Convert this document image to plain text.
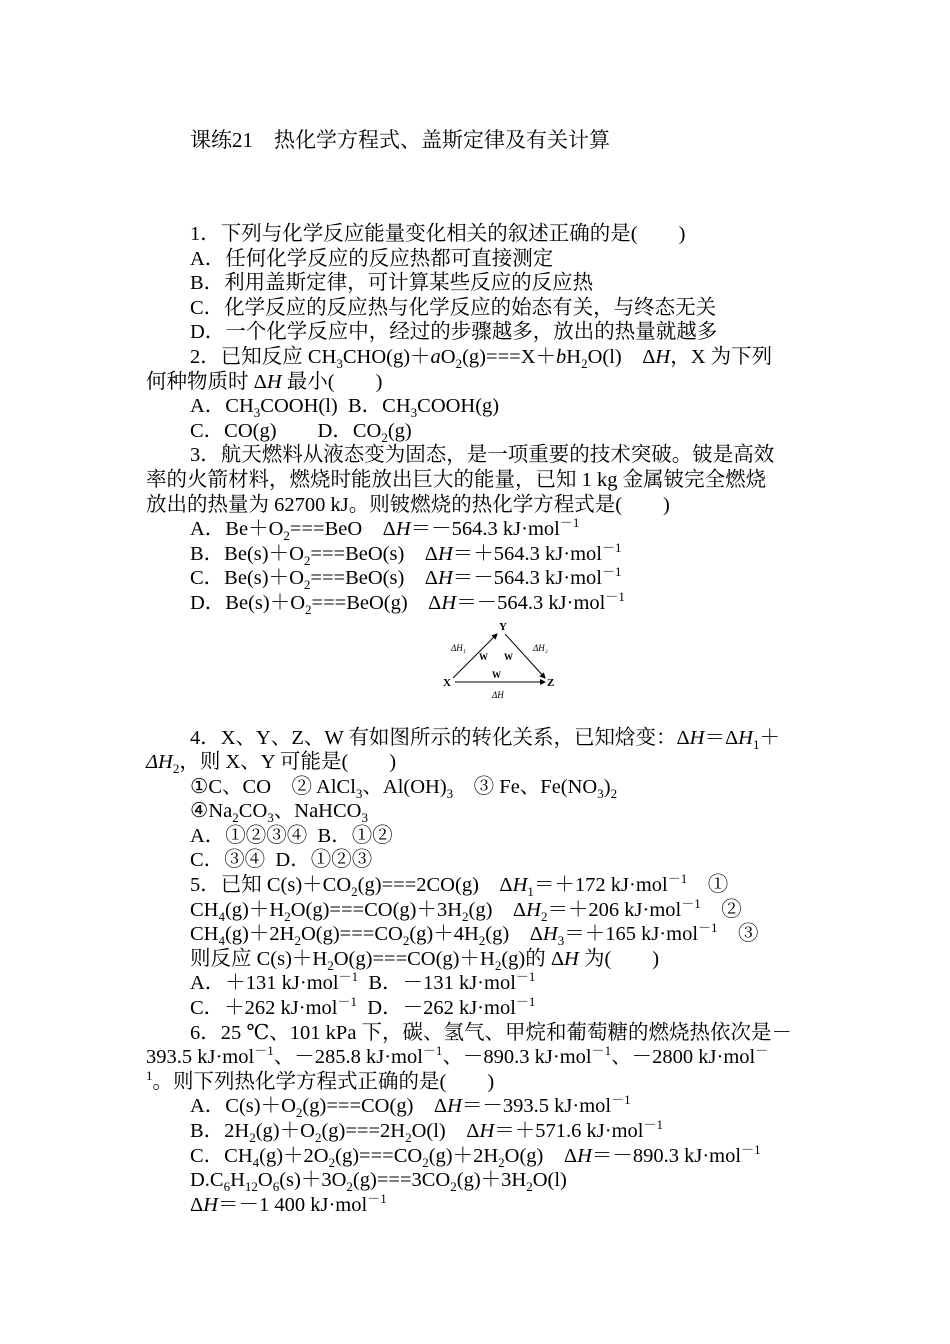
课练21　热化学方程式、盖斯定律及有关计算
1．下列与化学反应能量变化相关的叙述正确的是(　　)
A．任何化学反应的反应热都可直接测定
B．利用盖斯定律，可计算某些反应的反应热
C．化学反应的反应热与化学反应的始态有关，与终态无关
D．一个化学反应中，经过的步骤越多，放出的热量就越多
2．已知反应 $CH_3CHO(g)+aO_2(g)===X+bH_2O(l)$　ΔH，X 为下列
何种物质时 ΔH 最小(　　)
A．$CH_3COOH(l)$  B．$CH_3COOH(g)$
C．CO(g)　　D．$CO_2(g)$
3．航天燃料从液态变为固态，是一项重要的技术突破。铍是高效
率的火箭材料，燃烧时能放出巨大的能量，已知 1 kg 金属铍完全燃烧
放出的热量为 62700 kJ。则铍燃烧的热化学方程式是(　　)
A．$Be+O_2===BeO$　ΔH＝－564.3 kJ·mol$^{-1}$
B．$Be(s)+O_2===BeO(s)$　ΔH＝＋564.3 kJ·mol$^{-1}$
C．$Be(s)+O_2===BeO(s)$　ΔH＝－564.3 kJ·mol$^{-1}$
D．$Be(s)+O_2===BeO(g)$　ΔH＝－564.3 kJ·mol$^{-1}$
Y
X	Z
ΔH₁	ΔH₂
W W
W
ΔH
4．X、Y、Z、W 有如图所示的转化关系，已知焓变：$\Delta H=\Delta H_1+$
$\Delta H_2$，则 X、Y 可能是(　　)
①C、CO　② AlCl$_3$、$Al(OH)_3$　③ Fe、$Fe(NO_3)_2$
$④Na_2CO_3$、NaHCO$_3$
A．①②③④  B．①②
C．③④  D．①②③
5．已知 $C(s)+CO_2(g)===2CO(g)$　$\Delta H_1=+172$ kJ·mol$^{-1}$　①
$CH_4(g)+H_2O(g)===CO(g)+3H_2(g)$　$\Delta H_2=+206$ kJ·mol$^{-1}$　②
$CH_4(g)+2H_2O(g)===CO_2(g)+4H_2(g)$　$\Delta H_3=+165$ kJ·mol$^{-1}$　③
则反应 $C(s)+H_2O(g)===CO(g)+H_2(g)$的 ΔH 为(　　)
A．＋131 kJ·mol$^{-1}$  B．－131 kJ·mol$^{-1}$
C．＋262 kJ·mol$^{-1}$  D．－262 kJ·mol$^{-1}$
6．25 ℃、101 kPa 下，碳、氢气、甲烷和葡萄糖的燃烧热依次是－
393.5 kJ·mol$^{-1}$、－285.8 kJ·mol$^{-1}$、－890.3 kJ·mol$^{-1}$、－2800 kJ·mol－
$^1$。则下列热化学方程式正确的是(　　)
A．$C(s)+O_2(g)===CO(g)$　ΔH＝－393.5 kJ·mol$^{-1}$
B．$2H_2(g)+O_2(g)===2H_2O(l)$　ΔH＝＋571.6 kJ·mol$^{-1}$
C．$CH_4(g)+2O_2(g)===CO_2(g)+2H_2O(g)$　ΔH＝－890.3 kJ·mol$^{-1}$
$D.C_6H_{12}O_6(s)+3O_2(g)===3CO_2(g)+3H_2O(l)$
ΔH＝－1 400 kJ·mol$^{-1}$
